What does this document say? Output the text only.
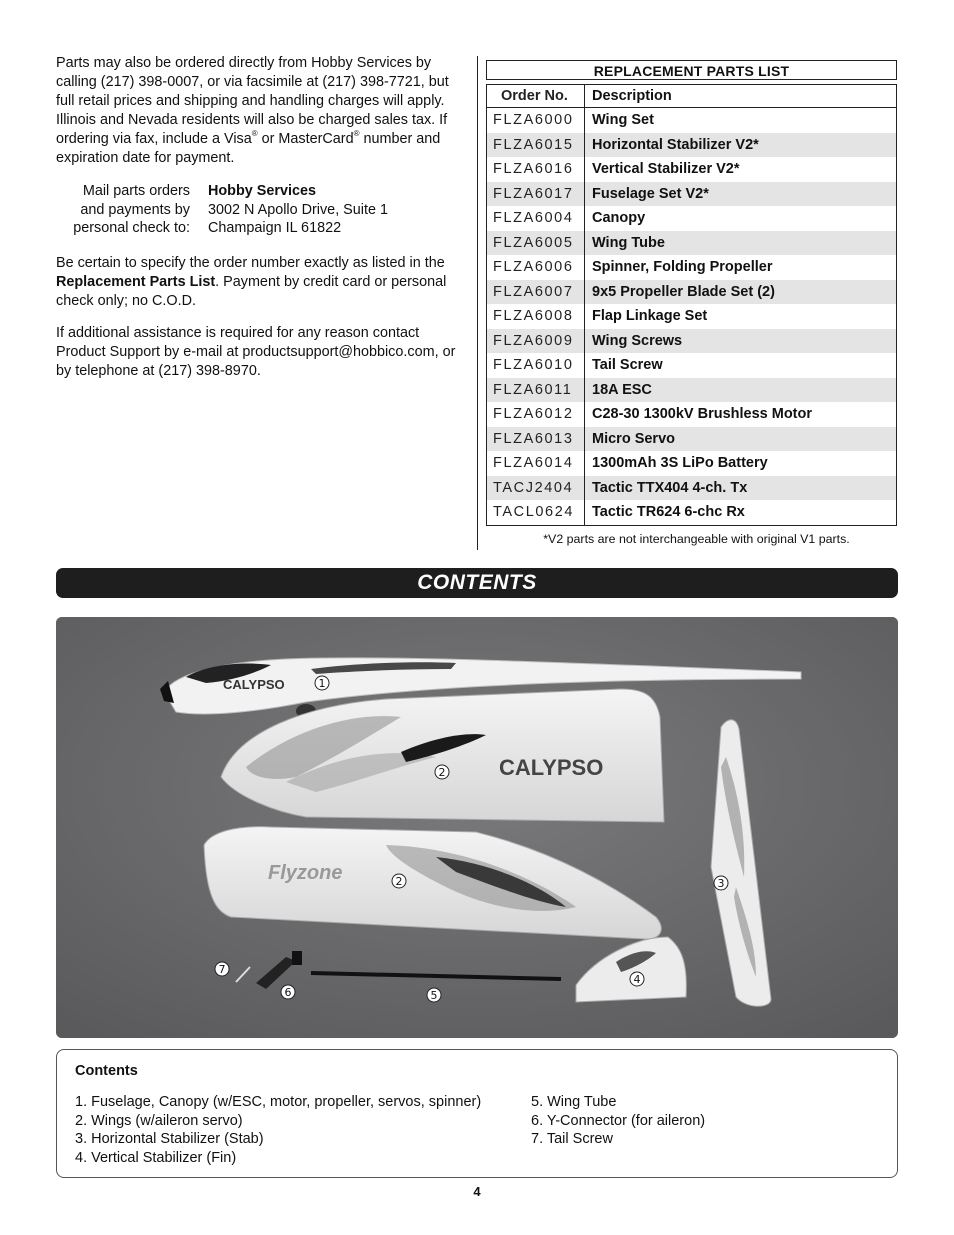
Parts may also be ordered directly from Hobby Services by calling (217) 398-0007, or via facsimile at (217) 398-7721, but full retail prices and shipping and handling charges will apply. Illinois and Nevada residents will also be charged sales tax. If ordering via fax, include a Visa® or MasterCard® number and expiration date for payment.

Mail parts orders
and payments by
personal check to:
Hobby Services
3002 N Apollo Drive, Suite 1
Champaign IL 61822

Be certain to specify the order number exactly as listed in the Replacement Parts List. Payment by credit card or personal check only; no C.O.D.

If additional assistance is required for any reason contact Product Support by e-mail at productsupport@hobbico.com, or by telephone at (217) 398-8970.

REPLACEMENT PARTS LIST
Order No.	Description
FLZA6000	Wing Set
FLZA6015	Horizontal Stabilizer V2*
FLZA6016	Vertical Stabilizer V2*
FLZA6017	Fuselage Set V2*
FLZA6004	Canopy
FLZA6005	Wing Tube
FLZA6006	Spinner, Folding Propeller
FLZA6007	9x5 Propeller Blade Set (2)
FLZA6008	Flap Linkage Set
FLZA6009	Wing Screws
FLZA6010	Tail Screw
FLZA6011	18A ESC
FLZA6012	C28-30 1300kV Brushless Motor
FLZA6013	Micro Servo
FLZA6014	1300mAh 3S LiPo Battery
TACJ2404	Tactic TTX404 4-ch. Tx
TACL0624	Tactic TR624 6-chc Rx
*V2 parts are not interchangeable with original V1 parts.
CONTENTS
CALYPSO
CALYPSO
Flyzone
1
2
2	3
4
5
6
7
Contents
1. Fuselage, Canopy (w/ESC, motor, propeller, servos, spinner)
2. Wings (w/aileron servo)
3. Horizontal Stabilizer (Stab)
4. Vertical Stabilizer (Fin)
5. Wing Tube
6. Y-Connector (for aileron)
7. Tail Screw
4
